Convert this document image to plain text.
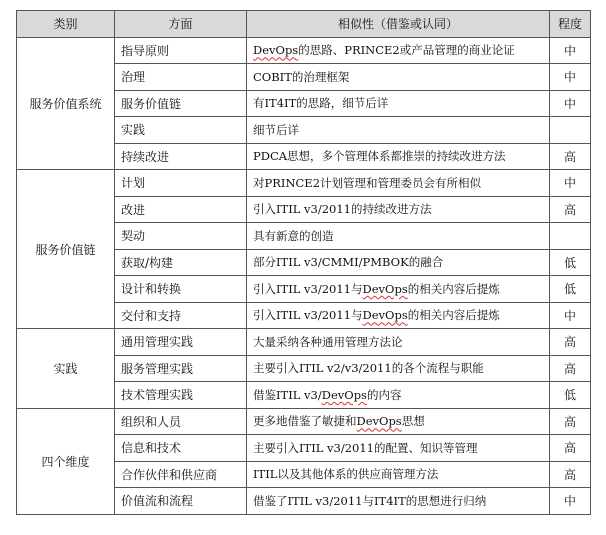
类别	方面	相似性（借鉴或认同）	程度
服务价值系统	指导原则	DevOps的思路、PRINCE2或产品管理的商业论证	中
	治理	COBIT的治理框架	中
	服务价值链	有IT4IT的思路，细节后详	中
	实践	细节后详	
	持续改进	PDCA思想，多个管理体系都推崇的持续改进方法	高
服务价值链	计划	对PRINCE2计划管理和管理委员会有所相似	中
	改进	引入ITIL v3/2011的持续改进方法	高
	契动	具有新意的创造	
	获取/构建	部分ITIL v3/CMMI/PMBOK的融合	低
	设计和转换	引入ITIL v3/2011与DevOps的相关内容后提炼	低
	交付和支持	引入ITIL v3/2011与DevOps的相关内容后提炼	中
实践	通用管理实践	大量采纳各种通用管理方法论	高
	服务管理实践	主要引入ITIL v2/v3/2011的各个流程与职能	高
	技术管理实践	借鉴ITIL v3/DevOps的内容	低
四个维度	组织和人员	更多地借鉴了敏捷和DevOps思想	高
	信息和技术	主要引入ITIL v3/2011的配置、知识等管理	高
	合作伙伴和供应商	ITIL以及其他体系的供应商管理方法	高
	价值流和流程	借鉴了ITIL v3/2011与IT4IT的思想进行归纳	中
